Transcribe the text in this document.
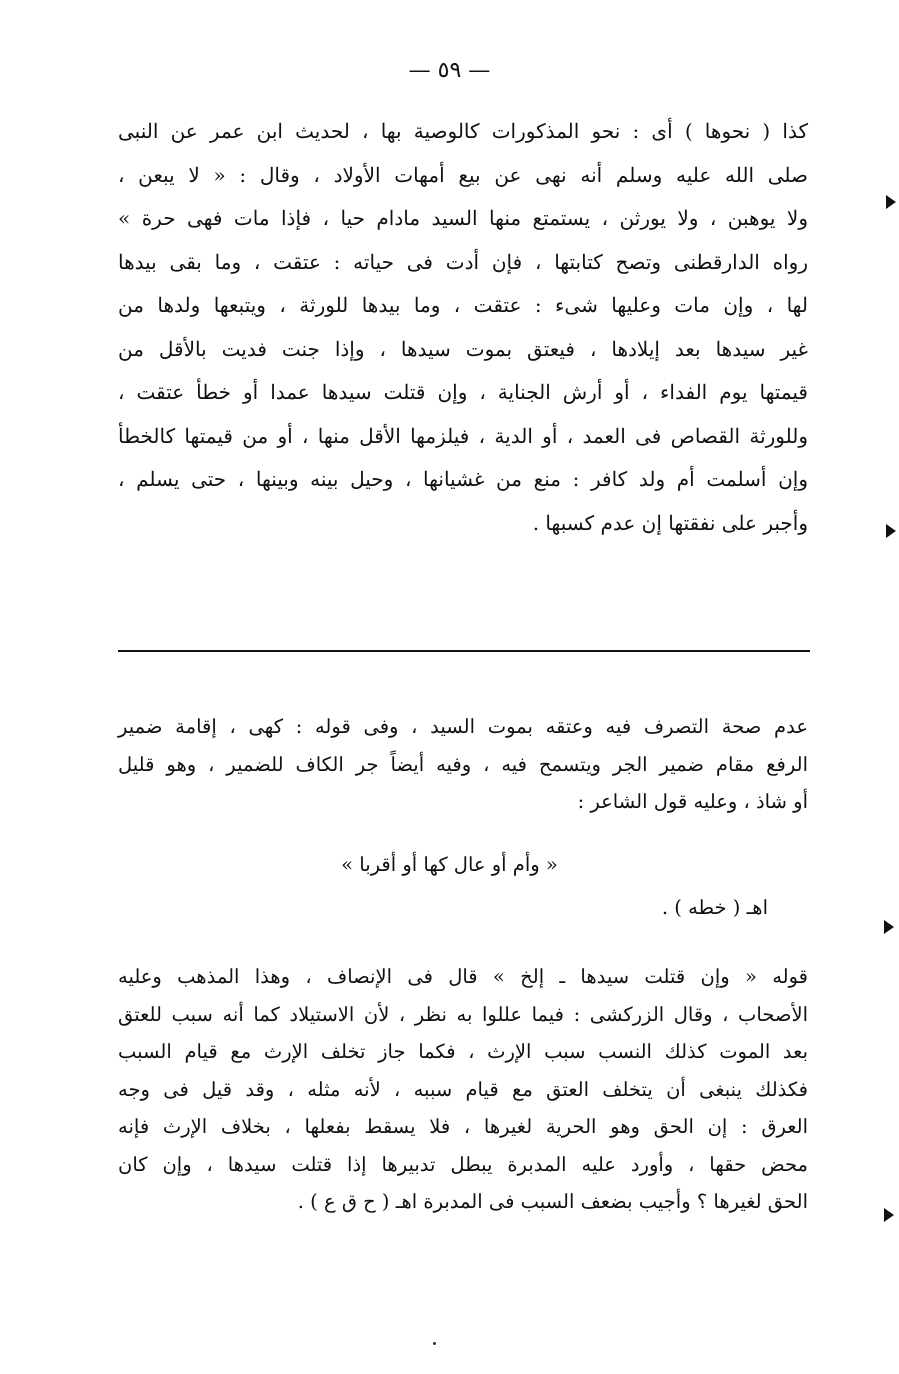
— ٥٩ —
كذا ( نحوها ) أى : نحو المذكورات كالوصية بها ، لحديث ابن عمر عن النبى
صلى الله عليه وسلم أنه نهى عن بيع أمهات الأولاد ، وقال : « لا يبعن ،
ولا يوهبن ، ولا يورثن ، يستمتع منها السيد مادام حيا ، فإذا مات فهى حرة »
رواه الدارقطنى وتصح كتابتها ، فإن أدت فى حياته : عتقت ، وما بقى بيدها
لها ، وإن مات وعليها شىء : عتقت ، وما بيدها للورثة ، ويتبعها ولدها من
غير سيدها بعد إيلادها ، فيعتق بموت سيدها ، وإذا جنت فديت بالأقل من
قيمتها يوم الفداء ، أو أرش الجناية ، وإن قتلت سيدها عمدا أو خطأ عتقت ،
وللورثة القصاص فى العمد ، أو الدية ، فيلزمها الأقل منها ، أو من قيمتها كالخطأ
وإن أسلمت أم ولد كافر : منع من غشيانها ، وحيل بينه وبينها ، حتى يسلم ،
وأجبر على نفقتها إن عدم كسبها .
عدم صحة التصرف فيه وعتقه بموت السيد ، وفى قوله : كهى ، إقامة ضمير
الرفع مقام ضمير الجر ويتسمح فيه ، وفيه أيضاً جر الكاف للضمير ، وهو قليل
أو شاذ ، وعليه قول الشاعر :
« وأم أو عال كها أو أقربا »
اهـ ( خطه ) .
قوله « وإن قتلت سيدها ـ إلخ » قال فى الإنصاف ، وهذا المذهب وعليه
الأصحاب ، وقال الزركشى : فيما عللوا به نظر ، لأن الاستيلاد كما أنه سبب للعتق
بعد الموت كذلك النسب سبب الإرث ، فكما جاز تخلف الإرث مع قيام السبب
فكذلك ينبغى أن يتخلف العتق مع قيام سببه ، لأنه مثله ، وقد قيل فى وجه
العرق : إن الحق وهو الحرية لغيرها ، فلا يسقط بفعلها ، بخلاف الإرث فإنه
محض حقها ، وأورد عليه المدبرة يبطل تدبيرها إذا قتلت سيدها ، وإن كان
الحق لغيرها ؟ وأجيب بضعف السبب فى المدبرة اهـ ( ح ق ع ) .
